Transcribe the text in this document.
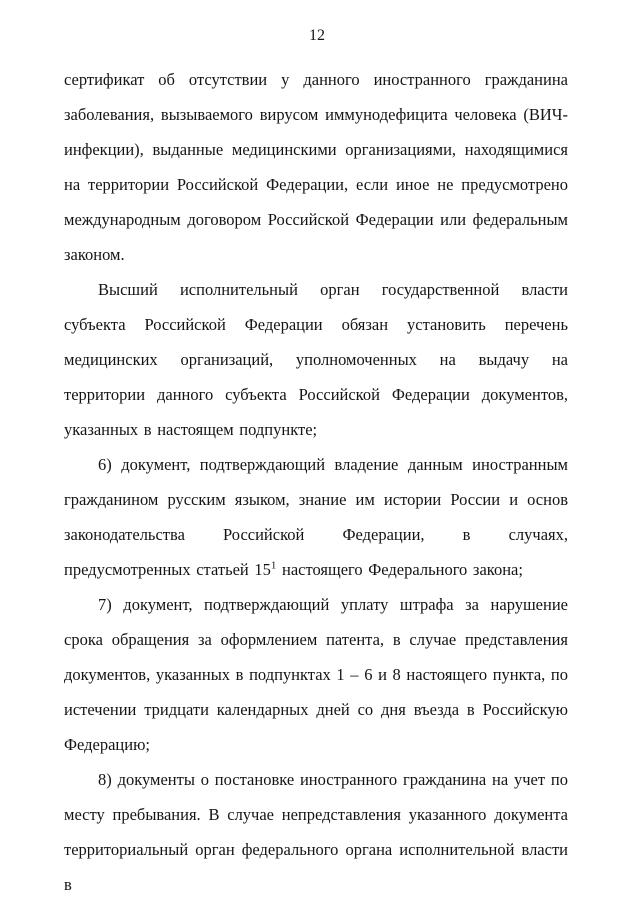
12

сертификат об отсутствии у данного иностранного гражданина заболевания, вызываемого вирусом иммунодефицита человека (ВИЧ-инфекции), выданные медицинскими организациями, находящимися на территории Российской Федерации, если иное не предусмотрено международным договором Российской Федерации или федеральным законом.

Высший исполнительный орган государственной власти субъекта Российской Федерации обязан установить перечень медицинских организаций, уполномоченных на выдачу на территории данного субъекта Российской Федерации документов, указанных в настоящем подпункте;

6) документ, подтверждающий владение данным иностранным гражданином русским языком, знание им истории России и основ законодательства Российской Федерации, в случаях, предусмотренных статьей 15$^1$ настоящего Федерального закона;

7) документ, подтверждающий уплату штрафа за нарушение срока обращения за оформлением патента, в случае представления документов, указанных в подпунктах 1 – 6 и 8 настоящего пункта, по истечении тридцати календарных дней со дня въезда в Российскую Федерацию;

8) документы о постановке иностранного гражданина на учет по месту пребывания. В случае непредставления указанного документа территориальный орган федерального органа исполнительной власти в
